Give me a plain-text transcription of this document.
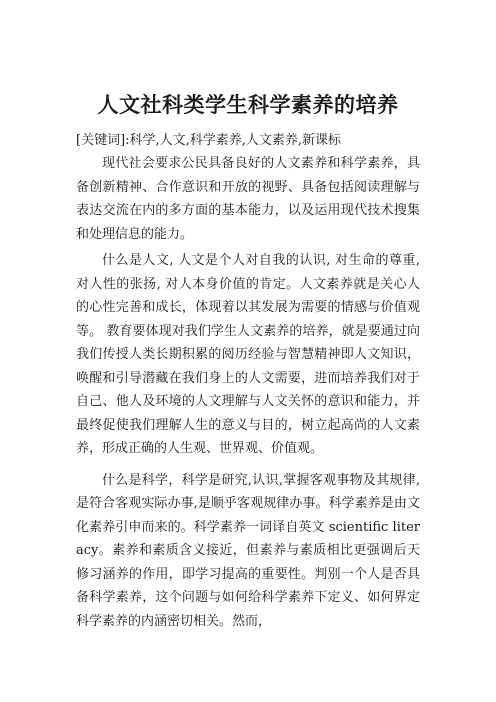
人文社科类学生科学素养的培养
[关键词]:科学,人文,科学素养,人文素养,新课标

现代社会要求公民具备良好的人文素养和科学素养，具备创新精神、合作意识和开放的视野、具备包括阅读理解与表达交流在内的多方面的基本能力，以及运用现代技术搜集和处理信息的能力。

什么是人文, 人文是个人对自我的认识, 对生命的尊重, 对人性的张扬, 对人本身价值的肯定。人文素养就是关心人的心性完善和成长，体现着以其发展为需要的情感与价值观等。 教育要体现对我们学生人文素养的培养，就是要通过向我们传授人类长期积累的阅历经验与智慧精神即人文知识，唤醒和引导潜藏在我们身上的人文需要，进而培养我们对于自己、他人及环境的人文理解与人文关怀的意识和能力，并最终促使我们理解人生的意义与目的，树立起高尚的人文素养，形成正确的人生观、世界观、价值观。

什么是科学，科学是研究,认识,掌握客观事物及其规律,是符合客观实际办事,是顺乎客观规律办事。科学素养是由文化素养引申而来的。科学素养一词译自英文 scientific literacy。素养和素质含义接近，但素养与素质相比更强调后天修习涵养的作用，即学习提高的重要性。判别一个人是否具备科学素养，这个问题与如何给科学素养下定义、如何界定科学素养的内涵密切相关。然而，
